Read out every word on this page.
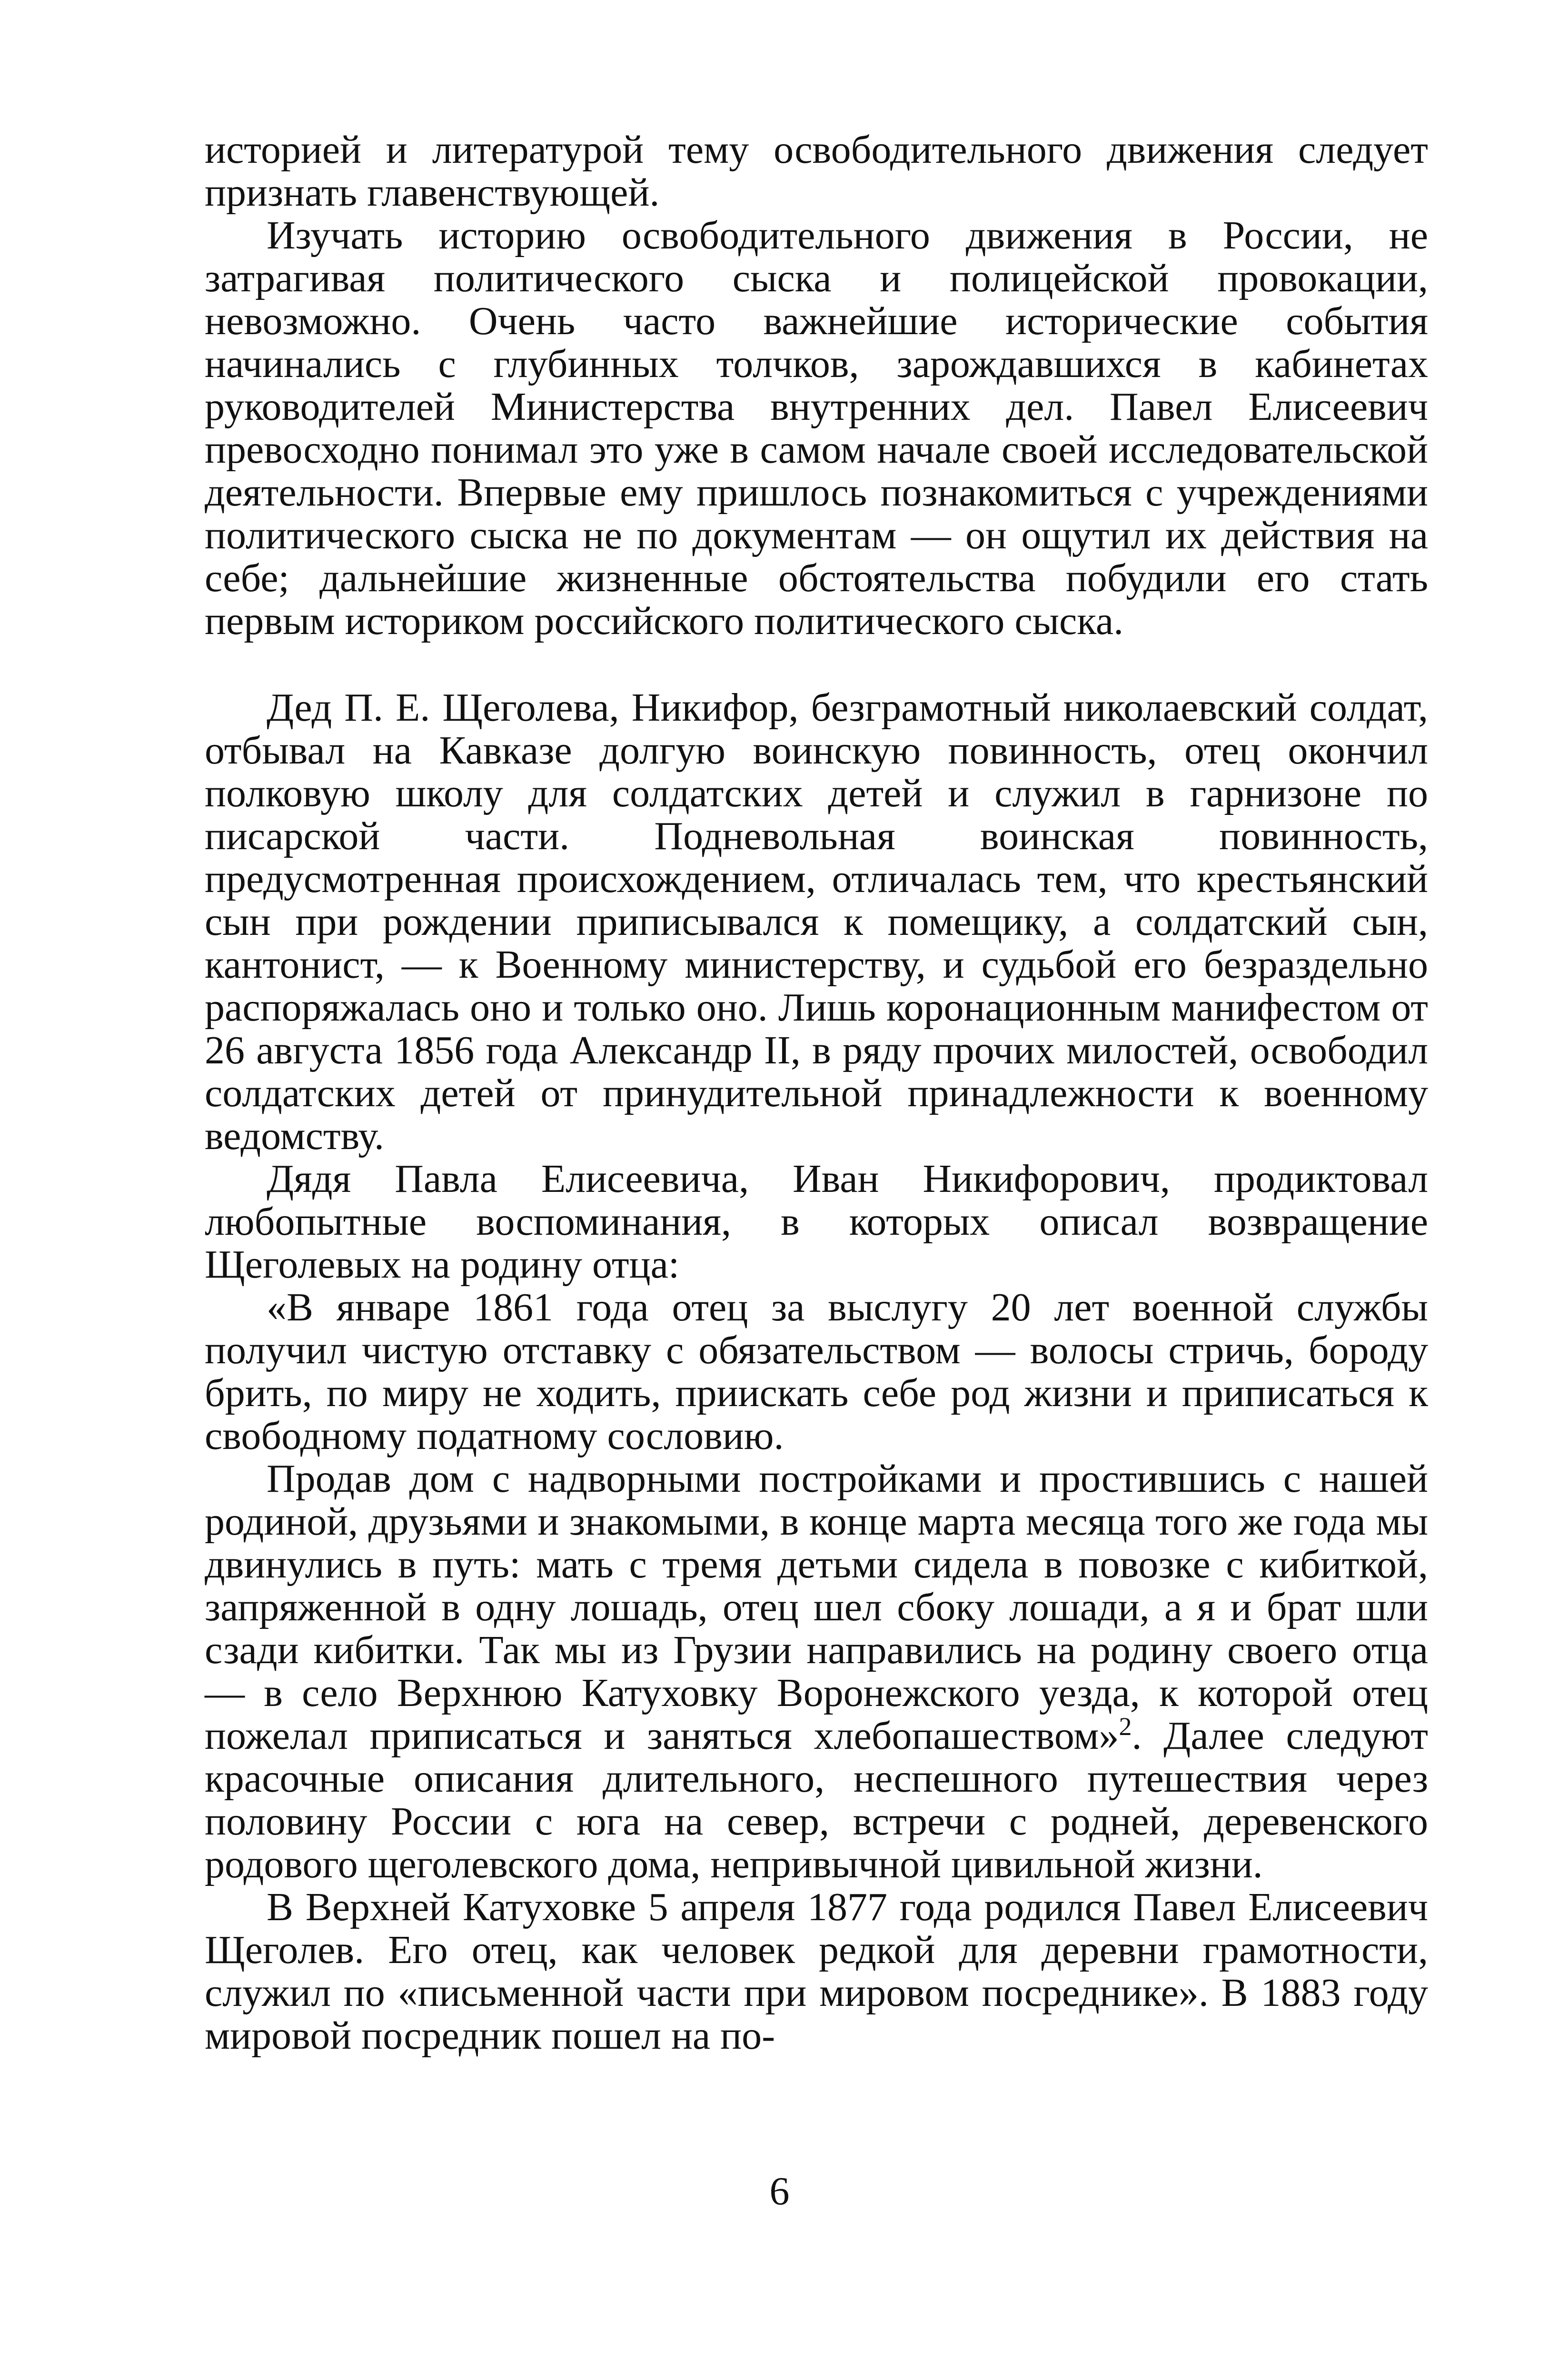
историей и литературой тему освободительного движения следует признать главенствующей.

Изучать историю освободительного движения в России, не затрагивая политического сыска и полицейской провокации, невозможно. Очень часто важнейшие исторические события начинались с глубинных толчков, зарождавшихся в кабинетах руководителей Министерства внутренних дел. Павел Елисеевич превосходно понимал это уже в самом начале своей исследовательской деятельности. Впервые ему пришлось познакомиться с учреждениями политического сыска не по документам — он ощутил их действия на себе; дальнейшие жизненные обстоятельства побудили его стать первым историком российского политического сыска.

Дед П. Е. Щеголева, Никифор, безграмотный николаевский солдат, отбывал на Кавказе долгую воинскую повинность, отец окончил полковую школу для солдатских детей и служил в гарнизоне по писарской части. Подневольная воинская повинность, предусмотренная происхождением, отличалась тем, что крестьянский сын при рождении приписывался к помещику, а солдатский сын, кантонист, — к Военному министерству, и судьбой его безраздельно распоряжалась оно и только оно. Лишь коронационным манифестом от 26 августа 1856 года Александр II, в ряду прочих милостей, освободил солдатских детей от принудительной принадлежности к военному ведомству.

Дядя Павла Елисеевича, Иван Никифорович, продиктовал любопытные воспоминания, в которых описал возвращение Щеголевых на родину отца:

«В январе 1861 года отец за выслугу 20 лет военной службы получил чистую отставку с обязательством — волосы стричь, бороду брить, по миру не ходить, приискать себе род жизни и приписаться к свободному податному сословию.

Продав дом с надворными постройками и простившись с нашей родиной, друзьями и знакомыми, в конце марта месяца того же года мы двинулись в путь: мать с тремя детьми сидела в повозке с кибиткой, запряженной в одну лошадь, отец шел сбоку лошади, а я и брат шли сзади кибитки. Так мы из Грузии направились на родину своего отца — в село Верхнюю Катуховку Воронежского уезда, к которой отец пожелал приписаться и заняться хлебопашеством»$^2$. Далее следуют красочные описания длительного, неспешного путешествия через половину России с юга на север, встречи с родней, деревенского родового щеголевского дома, непривычной цивильной жизни.

В Верхней Катуховке 5 апреля 1877 года родился Павел Елисеевич Щеголев. Его отец, как человек редкой для деревни грамотности, служил по «письменной части при мировом посреднике». В 1883 году мировой посредник пошел на по-

6
